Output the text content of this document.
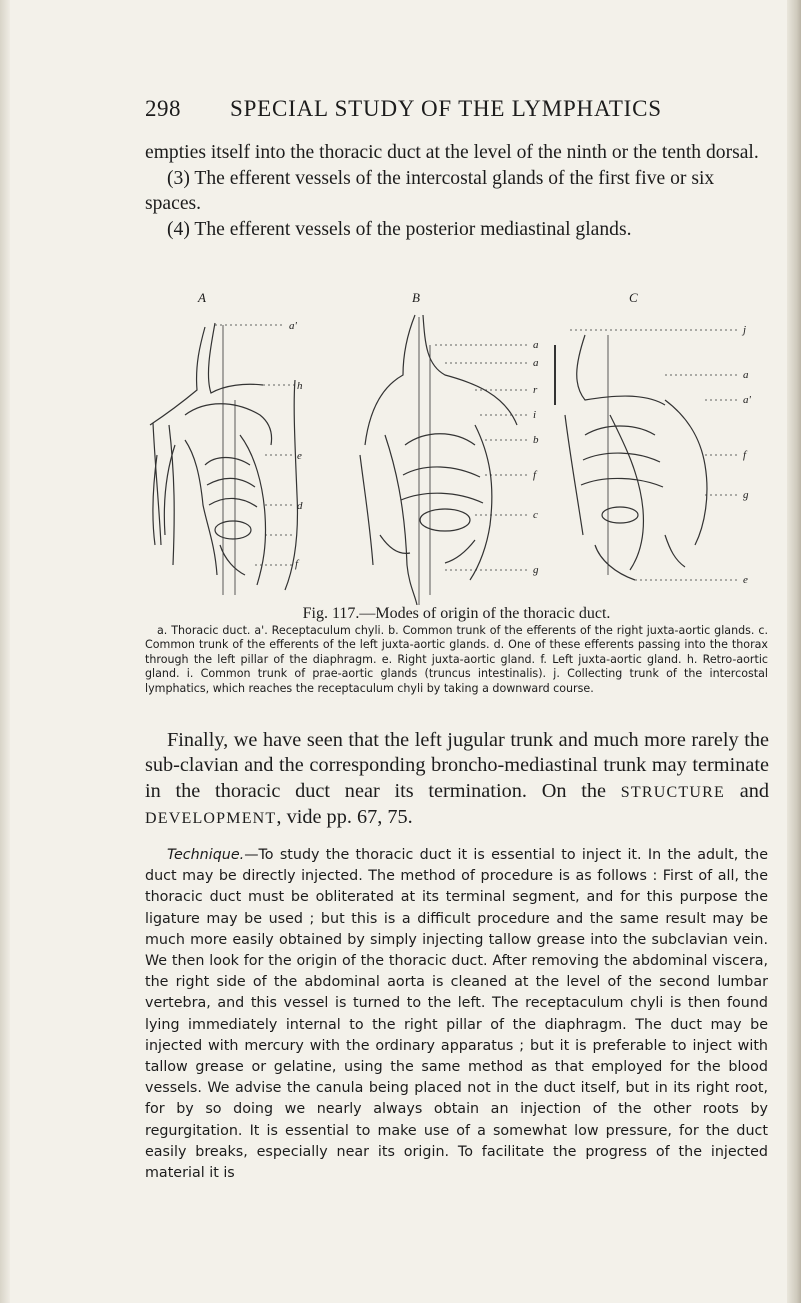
298 SPECIAL STUDY OF THE LYMPHATICS

empties itself into the thoracic duct at the level of the ninth or the tenth dorsal.

(3) The efferent vessels of the intercostal glands of the first five or six spaces.

(4) The efferent vessels of the posterior mediastinal glands.

A	B	C
a'
h
e
d
f
a
a
r
i
b
f
c
g
j
a
a'
f
g
e
Fig. 117.—Modes of origin of the thoracic duct.

a. Thoracic duct. a'. Receptaculum chyli. b. Common trunk of the efferents of the right juxta-aortic glands. c. Common trunk of the efferents of the left juxta-aortic glands. d. One of these efferents passing into the thorax through the left pillar of the diaphragm. e. Right juxta-aortic gland. f. Left juxta-aortic gland. h. Retro-aortic gland. i. Common trunk of prae-aortic glands (truncus intestinalis). j. Collecting trunk of the intercostal lymphatics, which reaches the receptaculum chyli by taking a downward course.

Finally, we have seen that the left jugular trunk and much more rarely the sub-clavian and the corresponding broncho-mediastinal trunk may terminate in the thoracic duct near its termination. On the STRUCTURE and DEVELOPMENT, vide pp. 67, 75.

Technique.—To study the thoracic duct it is essential to inject it. In the adult, the duct may be directly injected. The method of procedure is as follows : First of all, the thoracic duct must be obliterated at its terminal segment, and for this purpose the ligature may be used ; but this is a difficult procedure and the same result may be much more easily obtained by simply injecting tallow grease into the subclavian vein. We then look for the origin of the thoracic duct. After removing the abdominal viscera, the right side of the abdominal aorta is cleaned at the level of the second lumbar vertebra, and this vessel is turned to the left. The receptaculum chyli is then found lying immediately internal to the right pillar of the diaphragm. The duct may be injected with mercury with the ordinary apparatus ; but it is preferable to inject with tallow grease or gelatine, using the same method as that employed for the blood vessels. We advise the canula being placed not in the duct itself, but in its right root, for by so doing we nearly always obtain an injection of the other roots by regurgitation. It is essential to make use of a somewhat low pressure, for the duct easily breaks, especially near its origin. To facilitate the progress of the injected material it is
